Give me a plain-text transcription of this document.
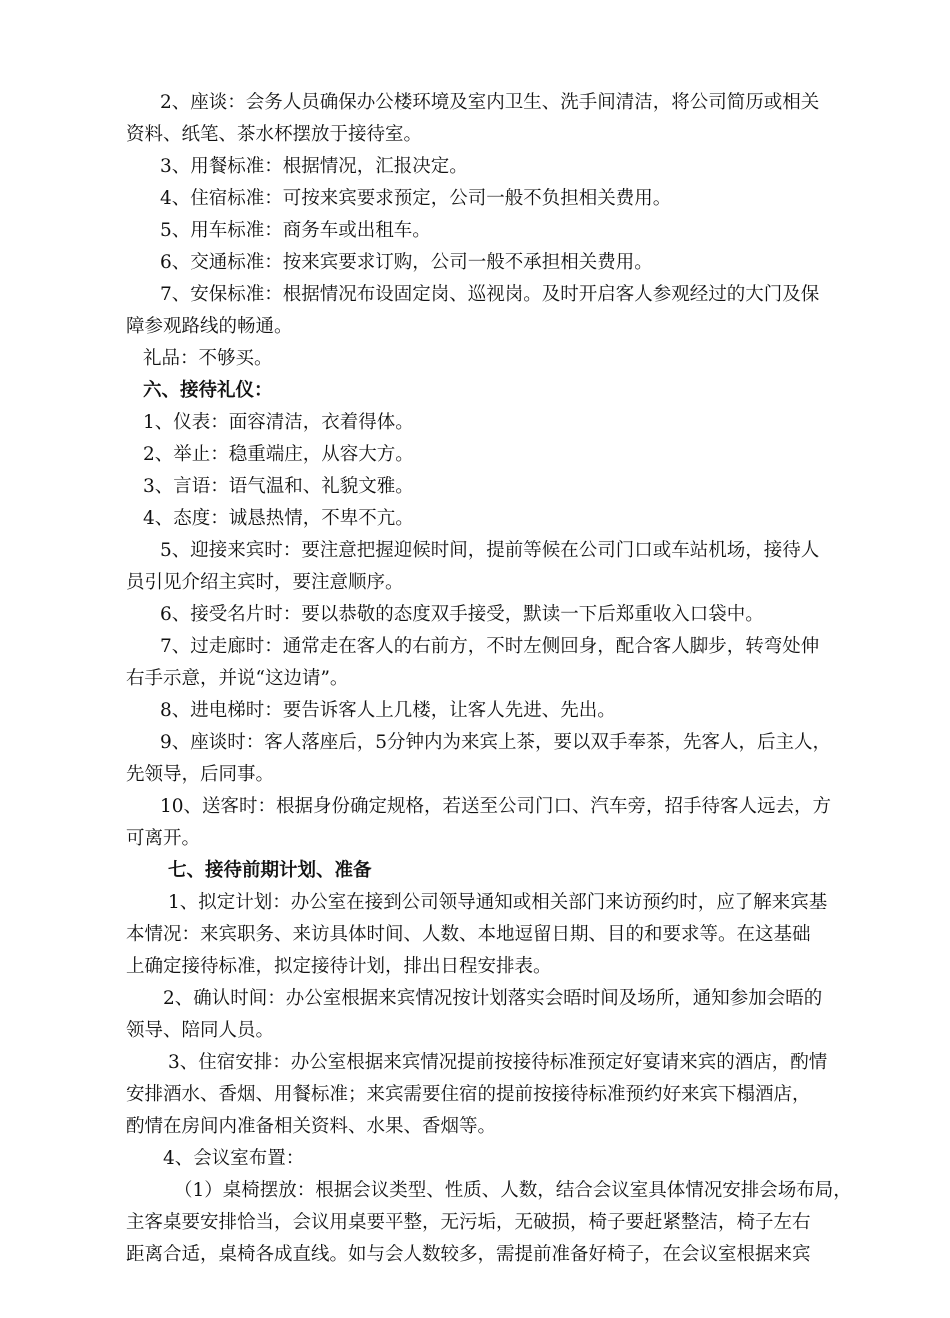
2、座谈：会务人员确保办公楼环境及室内卫生、洗手间清洁，将公司简历或相关
资料、纸笔、茶水杯摆放于接待室。
3、用餐标准：根据情况，汇报决定。
4、住宿标准：可按来宾要求预定，公司一般不负担相关费用。
5、用车标准：商务车或出租车。
6、交通标准：按来宾要求订购，公司一般不承担相关费用。
7、安保标准：根据情况布设固定岗、巡视岗。及时开启客人参观经过的大门及保
障参观路线的畅通。
礼品：不够买。
六、接待礼仪：
1、仪表：面容清洁，衣着得体。
2、举止：稳重端庄，从容大方。
3、言语：语气温和、礼貌文雅。
4、态度：诚恳热情，不卑不亢。
5、迎接来宾时：要注意把握迎候时间，提前等候在公司门口或车站机场，接待人
员引见介绍主宾时，要注意顺序。
6、接受名片时：要以恭敬的态度双手接受，默读一下后郑重收入口袋中。
7、过走廊时：通常走在客人的右前方，不时左侧回身，配合客人脚步，转弯处伸
右手示意，并说“这边请”。
8、进电梯时：要告诉客人上几楼，让客人先进、先出。
9、座谈时：客人落座后，5分钟内为来宾上茶，要以双手奉茶，先客人，后主人，
先领导，后同事。
10、送客时：根据身份确定规格，若送至公司门口、汽车旁，招手待客人远去，方
可离开。
七、接待前期计划、准备
1、拟定计划：办公室在接到公司领导通知或相关部门来访预约时，应了解来宾基
本情况：来宾职务、来访具体时间、人数、本地逗留日期、目的和要求等。在这基础
上确定接待标准，拟定接待计划，排出日程安排表。
2、确认时间：办公室根据来宾情况按计划落实会晤时间及场所，通知参加会晤的
领导、陪同人员。
3、住宿安排：办公室根据来宾情况提前按接待标准预定好宴请来宾的酒店，酌情
安排酒水、香烟、用餐标准；来宾需要住宿的提前按接待标准预约好来宾下榻酒店，
酌情在房间内准备相关资料、水果、香烟等。
4、会议室布置：
（1）桌椅摆放：根据会议类型、性质、人数，结合会议室具体情况安排会场布局，
主客桌要安排恰当，会议用桌要平整，无污垢，无破损，椅子要赶紧整洁，椅子左右
距离合适，桌椅各成直线。如与会人数较多，需提前准备好椅子，在会议室根据来宾
